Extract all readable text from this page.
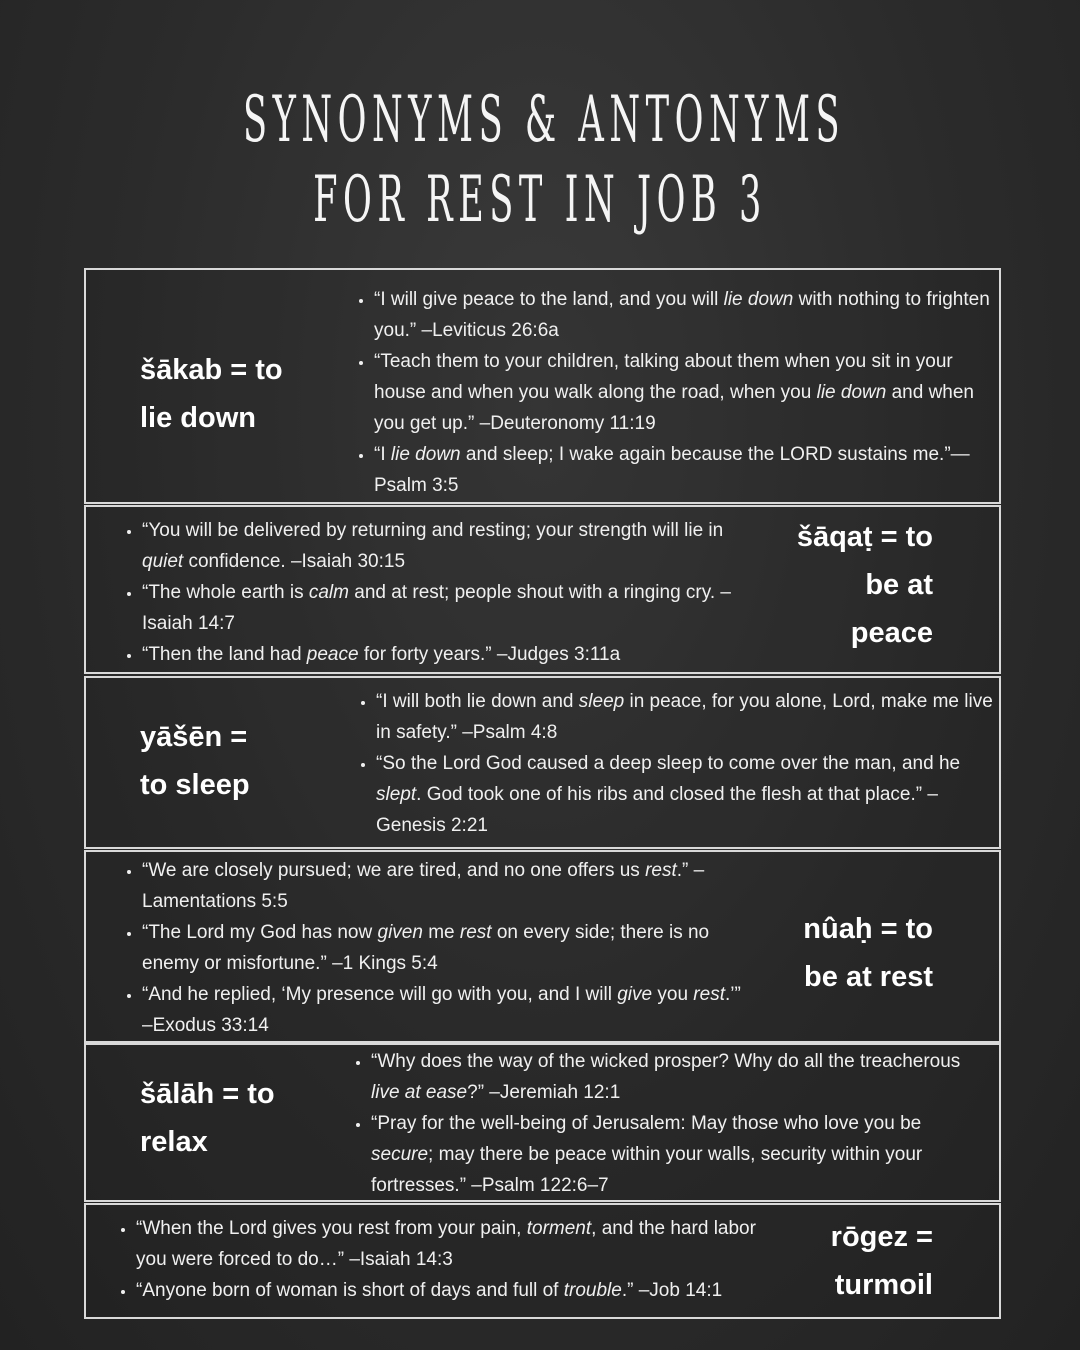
SYNONYMS & ANTONYMS
FOR REST IN JOB 3
šākab = to
lie down
• “I will give peace to the land, and you will lie down with nothing to frighten you.” –Leviticus 26:6a
• “Teach them to your children, talking about them when you sit in your house and when you walk along the road, when you lie down and when you get up.” –Deuteronomy 11:19
• “I lie down and sleep; I wake again because the LORD sustains me.”— Psalm 3:5
• “You will be delivered by returning and resting; your strength will lie in quiet confidence. –Isaiah 30:15
• “The whole earth is calm and at rest; people shout with a ringing cry. –Isaiah 14:7
• “Then the land had peace for forty years.” –Judges 3:11a
šāqaṭ = to
be at
peace
yāšēn =
to sleep
• “I will both lie down and sleep in peace, for you alone, Lord, make me live in safety.” –Psalm 4:8
• “So the Lord God caused a deep sleep to come over the man, and he slept. God took one of his ribs and closed the flesh at that place.” –Genesis 2:21
• “We are closely pursued; we are tired, and no one offers us rest.” –Lamentations 5:5
• “The Lord my God has now given me rest on every side; there is no enemy or misfortune.” –1 Kings 5:4
• “And he replied, ‘My presence will go with you, and I will give you rest.’” –Exodus 33:14
nûaḥ = to
be at rest
šālāh = to
relax
• “Why does the way of the wicked prosper? Why do all the treacherous live at ease?” –Jeremiah 12:1
• “Pray for the well-being of Jerusalem: May those who love you be secure; may there be peace within your walls, security within your fortresses.” –Psalm 122:6–7
• “When the Lord gives you rest from your pain, torment, and the hard labor you were forced to do…” –Isaiah 14:3
• “Anyone born of woman is short of days and full of trouble.” –Job 14:1
rōgez =
turmoil
